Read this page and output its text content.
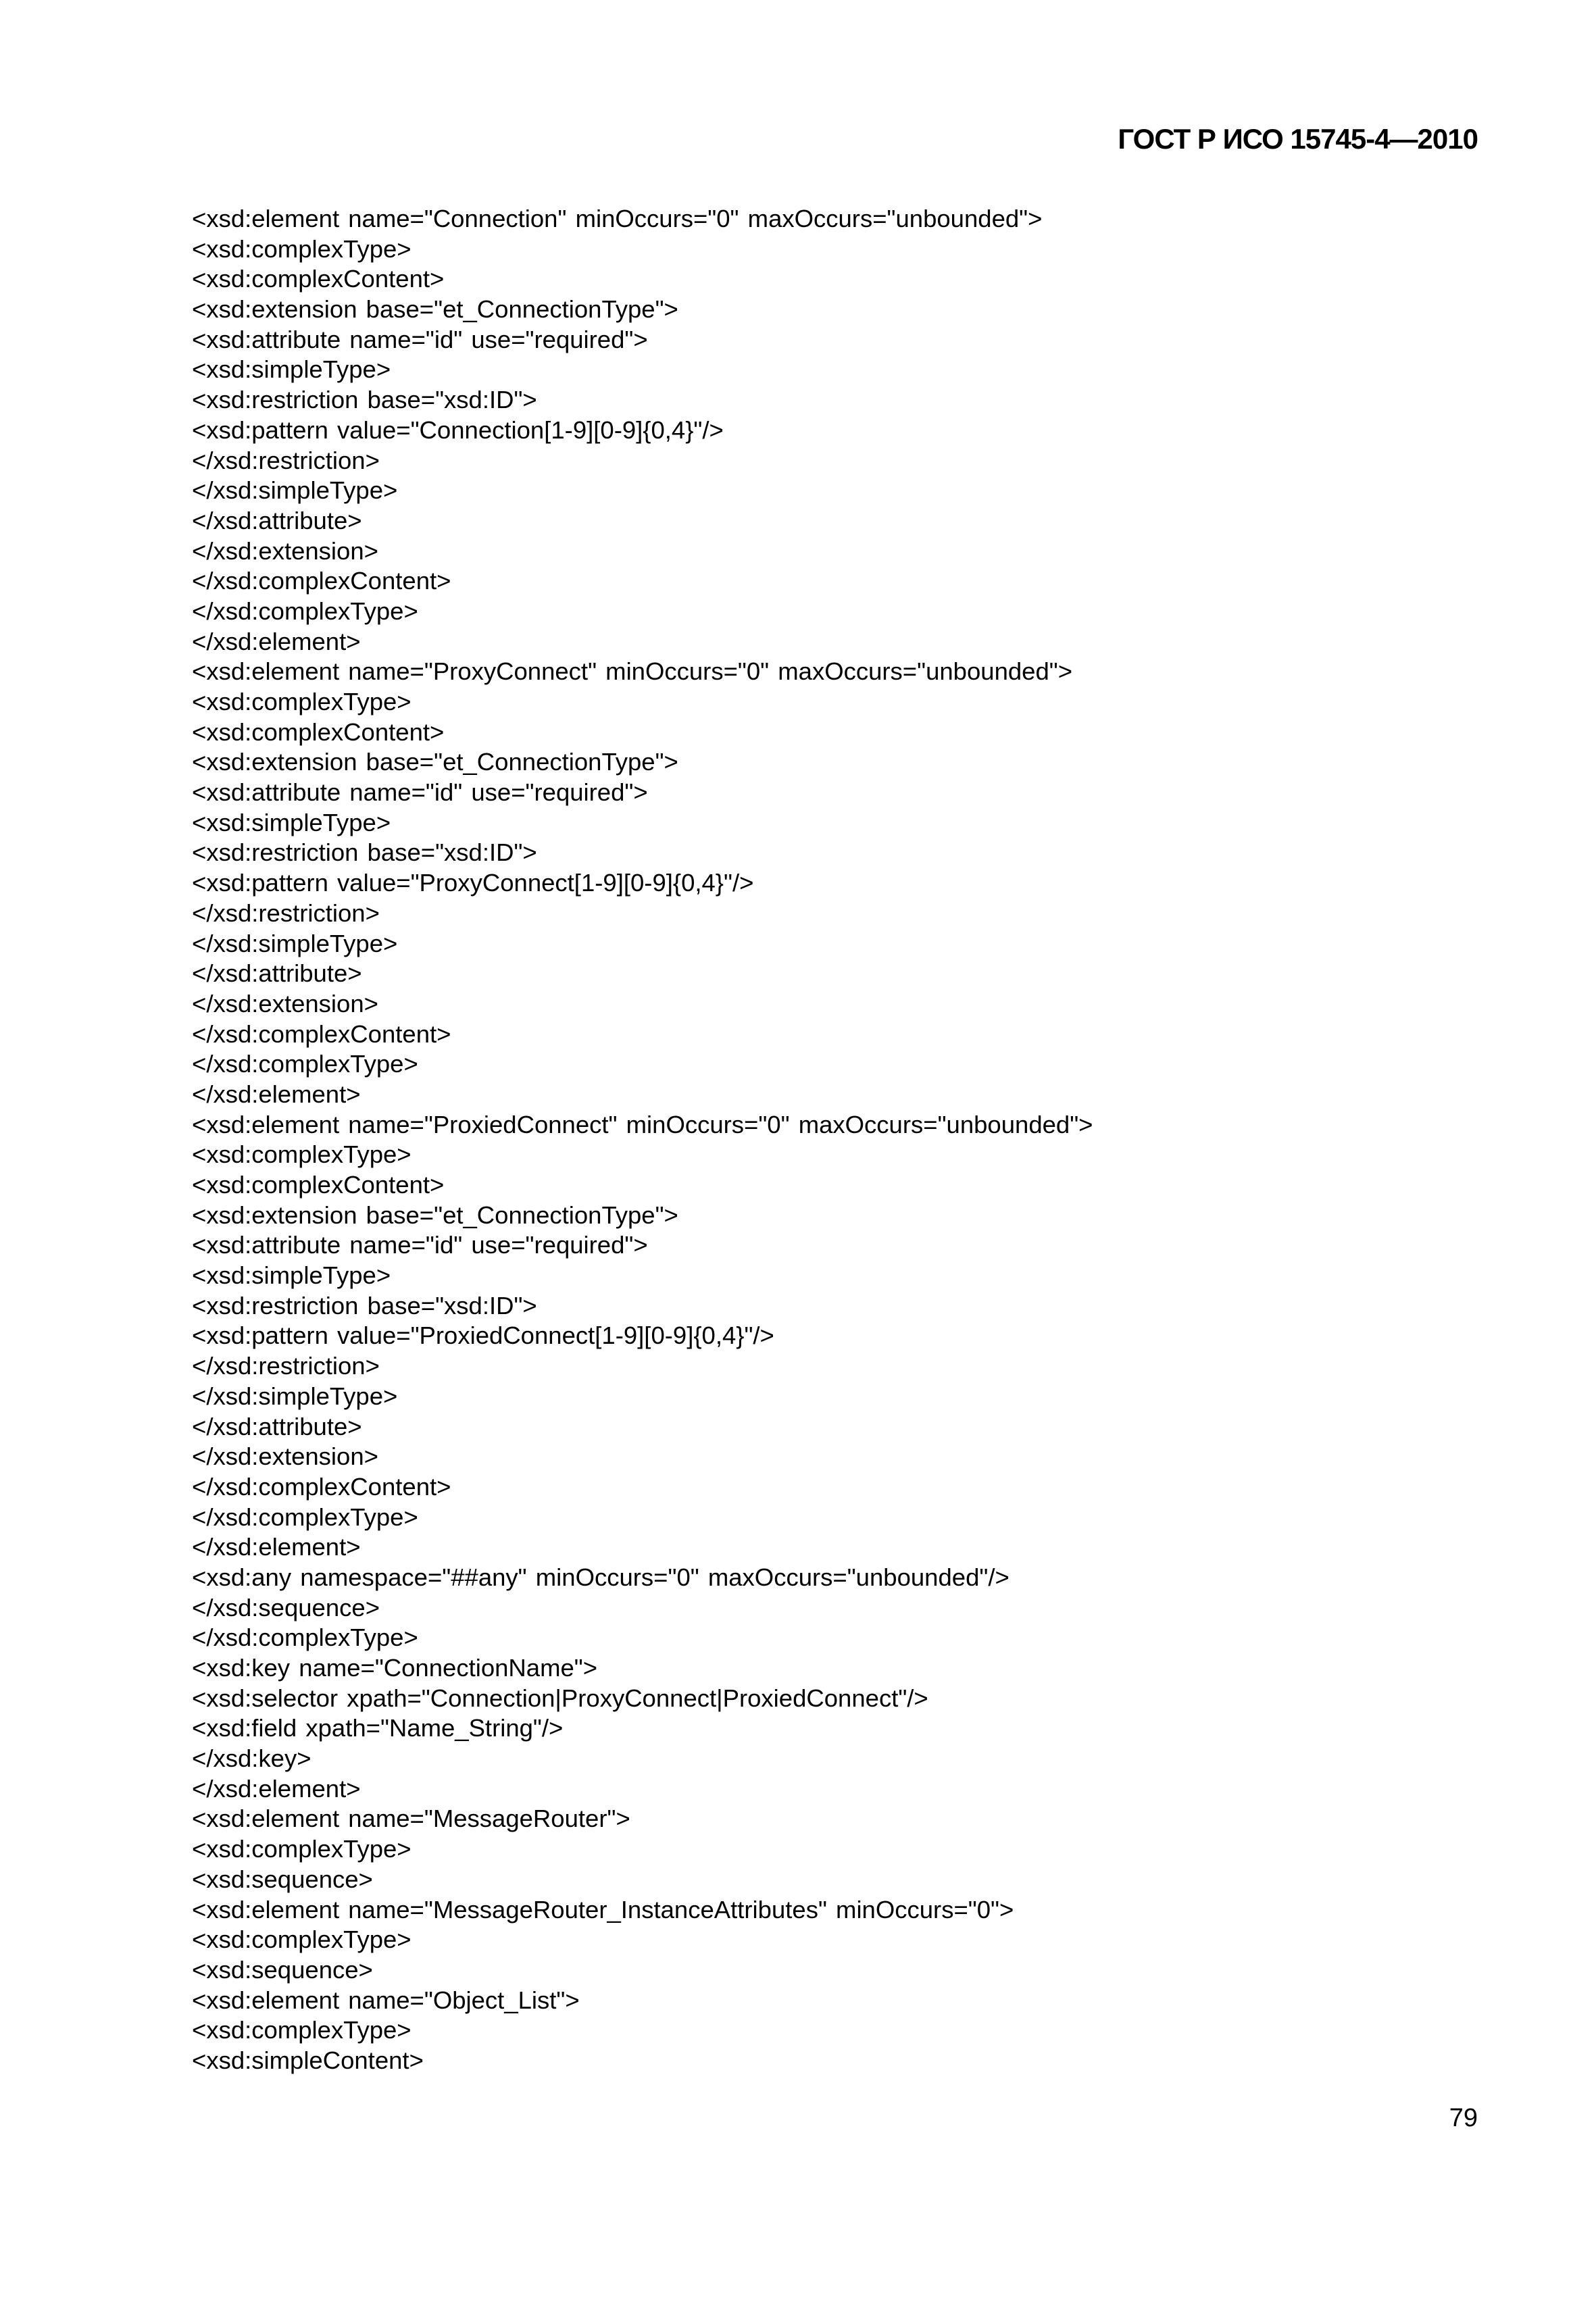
ГОСТ Р ИСО 15745-4—2010
<xsd:element name="Connection" minOccurs="0" maxOccurs="unbounded">
<xsd:complexType>
<xsd:complexContent>
<xsd:extension base="et_ConnectionType">
<xsd:attribute name="id" use="required">
<xsd:simpleType>
<xsd:restriction base="xsd:ID">
<xsd:pattern value="Connection[1-9][0-9]{0,4}"/>
</xsd:restriction>
</xsd:simpleType>
</xsd:attribute>
</xsd:extension>
</xsd:complexContent>
</xsd:complexType>
</xsd:element>
<xsd:element name="ProxyConnect" minOccurs="0" maxOccurs="unbounded">
<xsd:complexType>
<xsd:complexContent>
<xsd:extension base="et_ConnectionType">
<xsd:attribute name="id" use="required">
<xsd:simpleType>
<xsd:restriction base="xsd:ID">
<xsd:pattern value="ProxyConnect[1-9][0-9]{0,4}"/>
</xsd:restriction>
</xsd:simpleType>
</xsd:attribute>
</xsd:extension>
</xsd:complexContent>
</xsd:complexType>
</xsd:element>
<xsd:element name="ProxiedConnect" minOccurs="0" maxOccurs="unbounded">
<xsd:complexType>
<xsd:complexContent>
<xsd:extension base="et_ConnectionType">
<xsd:attribute name="id" use="required">
<xsd:simpleType>
<xsd:restriction base="xsd:ID">
<xsd:pattern value="ProxiedConnect[1-9][0-9]{0,4}"/>
</xsd:restriction>
</xsd:simpleType>
</xsd:attribute>
</xsd:extension>
</xsd:complexContent>
</xsd:complexType>
</xsd:element>
<xsd:any namespace="##any" minOccurs="0" maxOccurs="unbounded"/>
</xsd:sequence>
</xsd:complexType>
<xsd:key name="ConnectionName">
<xsd:selector xpath="Connection|ProxyConnect|ProxiedConnect"/>
<xsd:field xpath="Name_String"/>
</xsd:key>
</xsd:element>
<xsd:element name="MessageRouter">
<xsd:complexType>
<xsd:sequence>
<xsd:element name="MessageRouter_InstanceAttributes" minOccurs="0">
<xsd:complexType>
<xsd:sequence>
<xsd:element name="Object_List">
<xsd:complexType>
<xsd:simpleContent>
79
